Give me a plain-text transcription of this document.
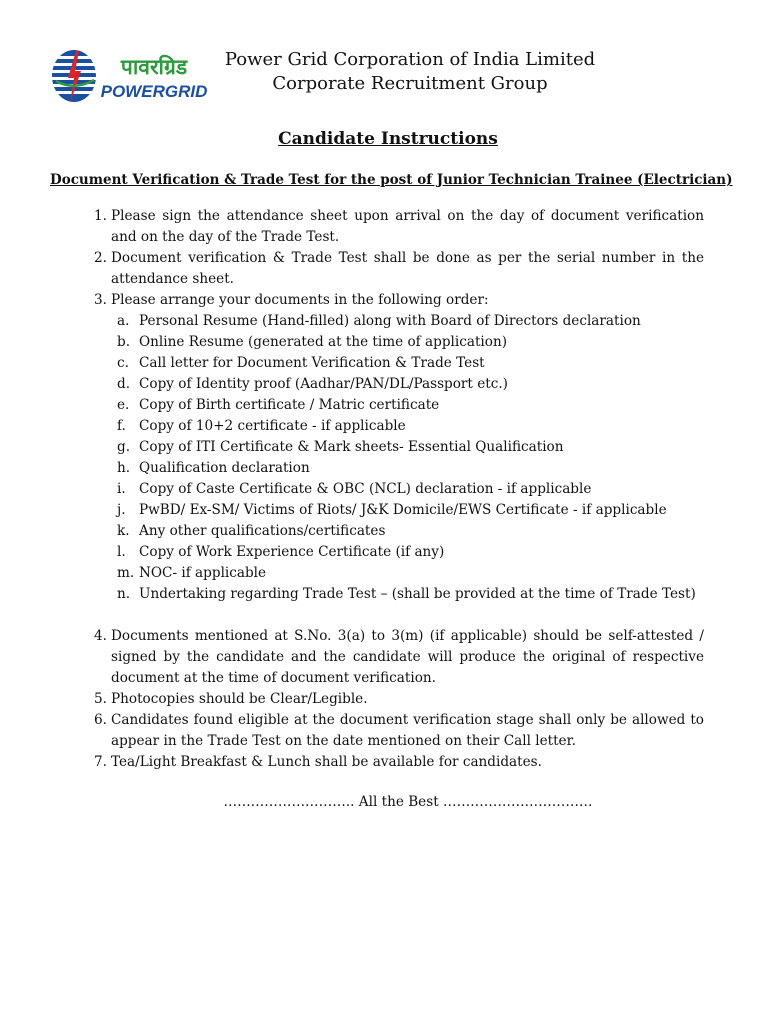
पावरग्रिड
POWERGRID
Power Grid Corporation of India Limited
Corporate Recruitment Group
Candidate Instructions
Document Verification & Trade Test for the post of Junior Technician Trainee (Electrician)
1. Please sign the attendance sheet upon arrival on the day of document verification and on the day of the Trade Test.
2. Document verification & Trade Test shall be done as per the serial number in the attendance sheet.
3. Please arrange your documents in the following order:
a. Personal Resume (Hand-filled) along with Board of Directors declaration
b. Online Resume (generated at the time of application)
c. Call letter for Document Verification & Trade Test
d. Copy of Identity proof (Aadhar/PAN/DL/Passport etc.)
e. Copy of Birth certificate / Matric certificate
f. Copy of 10+2 certificate - if applicable
g. Copy of ITI Certificate & Mark sheets- Essential Qualification
h. Qualification declaration
i. Copy of Caste Certificate & OBC (NCL) declaration - if applicable
j. PwBD/ Ex-SM/ Victims of Riots/ J&K Domicile/EWS Certificate - if applicable
k. Any other qualifications/certificates
l. Copy of Work Experience Certificate (if any)
m. NOC- if applicable
n. Undertaking regarding Trade Test – (shall be provided at the time of Trade Test)
4. Documents mentioned at S.No. 3(a) to 3(m) (if applicable) should be self-attested / signed by the candidate and the candidate will produce the original of respective document at the time of document verification.
5. Photocopies should be Clear/Legible.
6. Candidates found eligible at the document verification stage shall only be allowed to appear in the Trade Test on the date mentioned on their Call letter.
7. Tea/Light Breakfast & Lunch shall be available for candidates.
……………………….. All the Best ……………………………
